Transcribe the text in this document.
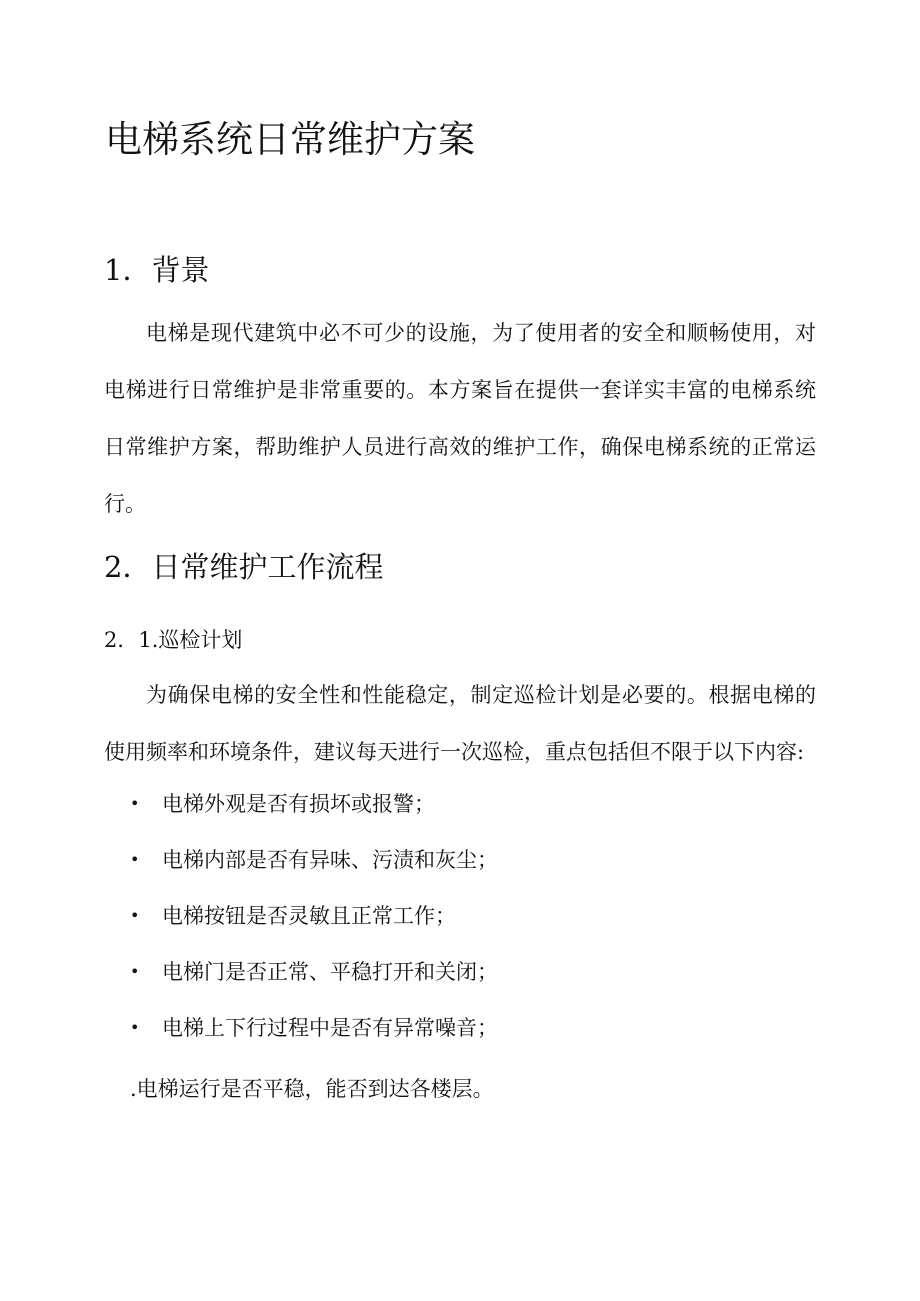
电梯系统日常维护方案
1．背景

电梯是现代建筑中必不可少的设施，为了使用者的安全和顺畅使用，对电梯进行日常维护是非常重要的。本方案旨在提供一套详实丰富的电梯系统日常维护方案，帮助维护人员进行高效的维护工作，确保电梯系统的正常运行。

2．日常维护工作流程
2．1.巡检计划

为确保电梯的安全性和性能稳定，制定巡检计划是必要的。根据电梯的使用频率和环境条件，建议每天进行一次巡检，重点包括但不限于以下内容:

• 电梯外观是否有损坏或报警；
• 电梯内部是否有异味、污渍和灰尘；
• 电梯按钮是否灵敏且正常工作；
• 电梯门是否正常、平稳打开和关闭；
• 电梯上下行过程中是否有异常噪音；
.电梯运行是否平稳，能否到达各楼层。
